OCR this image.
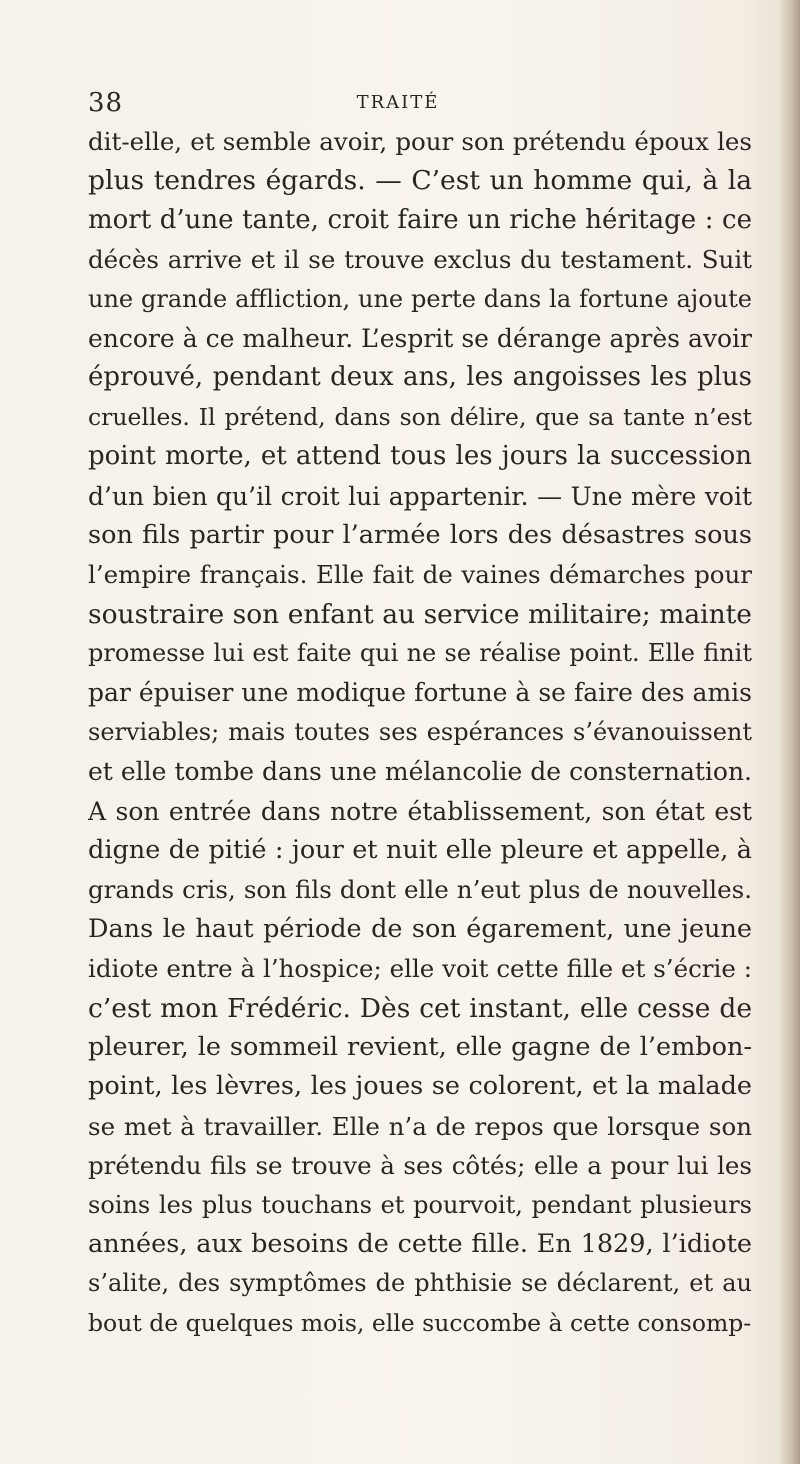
38	TRAITÉ
dit-elle, et semble avoir, pour son prétendu époux les
plus tendres égards. — C’est un homme qui, à la
mort d’une tante, croit faire un riche héritage : ce
décès arrive et il se trouve exclus du testament. Suit
une grande affliction, une perte dans la fortune ajoute
encore à ce malheur. L’esprit se dérange après avoir
éprouvé, pendant deux ans, les angoisses les plus
cruelles. Il prétend, dans son délire, que sa tante n’est
point morte, et attend tous les jours la succession
d’un bien qu’il croit lui appartenir. — Une mère voit
son fils partir pour l’armée lors des désastres sous
l’empire français. Elle fait de vaines démarches pour
soustraire son enfant au service militaire; mainte
promesse lui est faite qui ne se réalise point. Elle finit
par épuiser une modique fortune à se faire des amis
serviables; mais toutes ses espérances s’évanouissent
et elle tombe dans une mélancolie de consternation.
A son entrée dans notre établissement, son état est
digne de pitié : jour et nuit elle pleure et appelle, à
grands cris, son fils dont elle n’eut plus de nouvelles.
Dans le haut période de son égarement, une jeune
idiote entre à l’hospice; elle voit cette fille et s’écrie :
c’est mon Frédéric. Dès cet instant, elle cesse de
pleurer, le sommeil revient, elle gagne de l’embon-
point, les lèvres, les joues se colorent, et la malade
se met à travailler. Elle n’a de repos que lorsque son
prétendu fils se trouve à ses côtés; elle a pour lui les
soins les plus touchans et pourvoit, pendant plusieurs
années, aux besoins de cette fille. En 1829, l’idiote
s’alite, des symptômes de phthisie se déclarent, et au
bout de quelques mois, elle succombe à cette consomp-
